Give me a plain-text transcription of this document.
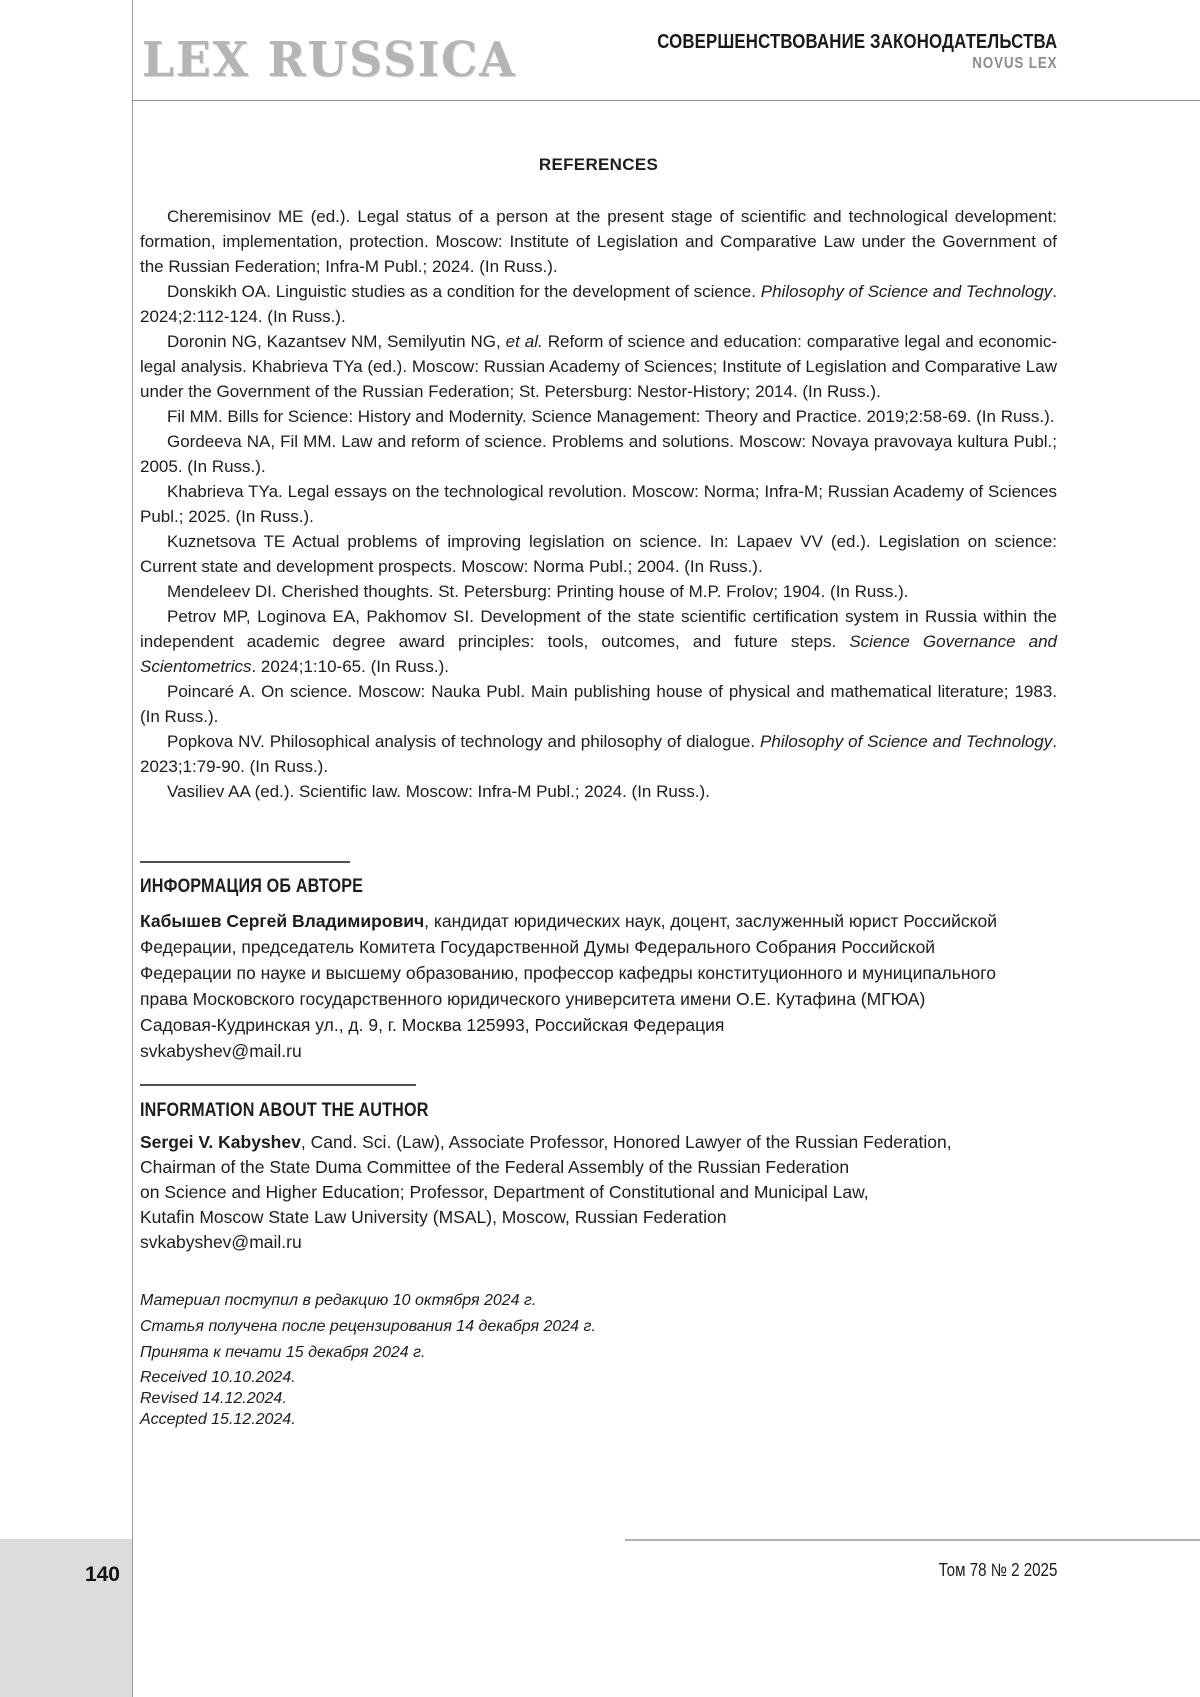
LEX RUSSICA	СОВЕРШЕНСТВОВАНИЕ ЗАКОНОДАТЕЛЬСТВА
NOVUS LEX
REFERENCES

Cheremisinov ME (ed.). Legal status of a person at the present stage of scientific and technological development: formation, implementation, protection. Moscow: Institute of Legislation and Comparative Law under the Government of the Russian Federation; Infra-M Publ.; 2024. (In Russ.).

Donskikh OA. Linguistic studies as a condition for the development of science. Philosophy of Science and Technology. 2024;2:112-124. (In Russ.).

Doronin NG, Kazantsev NM, Semilyutin NG, et al. Reform of science and education: comparative legal and economic-legal analysis. Khabrieva TYa (ed.). Moscow: Russian Academy of Sciences; Institute of Legislation and Comparative Law under the Government of the Russian Federation; St. Petersburg: Nestor-History; 2014. (In Russ.).

Fil MM. Bills for Science: History and Modernity. Science Management: Theory and Practice. 2019;2:58-69. (In Russ.).

Gordeeva NA, Fil MM. Law and reform of science. Problems and solutions. Moscow: Novaya pravovaya kultura Publ.; 2005. (In Russ.).

Khabrieva TYa. Legal essays on the technological revolution. Moscow: Norma; Infra-M; Russian Academy of Sciences Publ.; 2025. (In Russ.).

Kuznetsova TE Actual problems of improving legislation on science. In: Lapaev VV (ed.). Legislation on science: Current state and development prospects. Moscow: Norma Publ.; 2004. (In Russ.).

Mendeleev DI. Cherished thoughts. St. Petersburg: Printing house of M.P. Frolov; 1904. (In Russ.).

Petrov MP, Loginova EA, Pakhomov SI. Development of the state scientific certification system in Russia within the independent academic degree award principles: tools, outcomes, and future steps. Science Governance and Scientometrics. 2024;1:10-65. (In Russ.).

Poincaré A. On science. Moscow: Nauka Publ. Main publishing house of physical and mathematical literature; 1983. (In Russ.).

Popkova NV. Philosophical analysis of technology and philosophy of dialogue. Philosophy of Science and Technology. 2023;1:79-90. (In Russ.).

Vasiliev AA (ed.). Scientific law. Moscow: Infra-M Publ.; 2024. (In Russ.).

ИНФОРМАЦИЯ ОБ АВТОРЕ
Кабышев Сергей Владимирович, кандидат юридических наук, доцент, заслуженный юрист Российской
Федерации, председатель Комитета Государственной Думы Федерального Собрания Российской
Федерации по науке и высшему образованию, профессор кафедры конституционного и муниципального
права Московского государственного юридического университета имени О.Е. Кутафина (МГЮА)
Садовая-Кудринская ул., д. 9, г. Москва 125993, Российская Федерация
svkabyshev@mail.ru
INFORMATION ABOUT THE AUTHOR
Sergei V. Kabyshev, Cand. Sci. (Law), Associate Professor, Honored Lawyer of the Russian Federation,
Chairman of the State Duma Committee of the Federal Assembly of the Russian Federation
on Science and Higher Education; Professor, Department of Constitutional and Municipal Law,
Kutafin Moscow State Law University (MSAL), Moscow, Russian Federation
svkabyshev@mail.ru
Материал поступил в редакцию 10 октября 2024 г.
Статья получена после рецензирования 14 декабря 2024 г.
Принята к печати 15 декабря 2024 г.
Received 10.10.2024.
Revised 14.12.2024.
Accepted 15.12.2024.
Том 78 № 2 2025
140
